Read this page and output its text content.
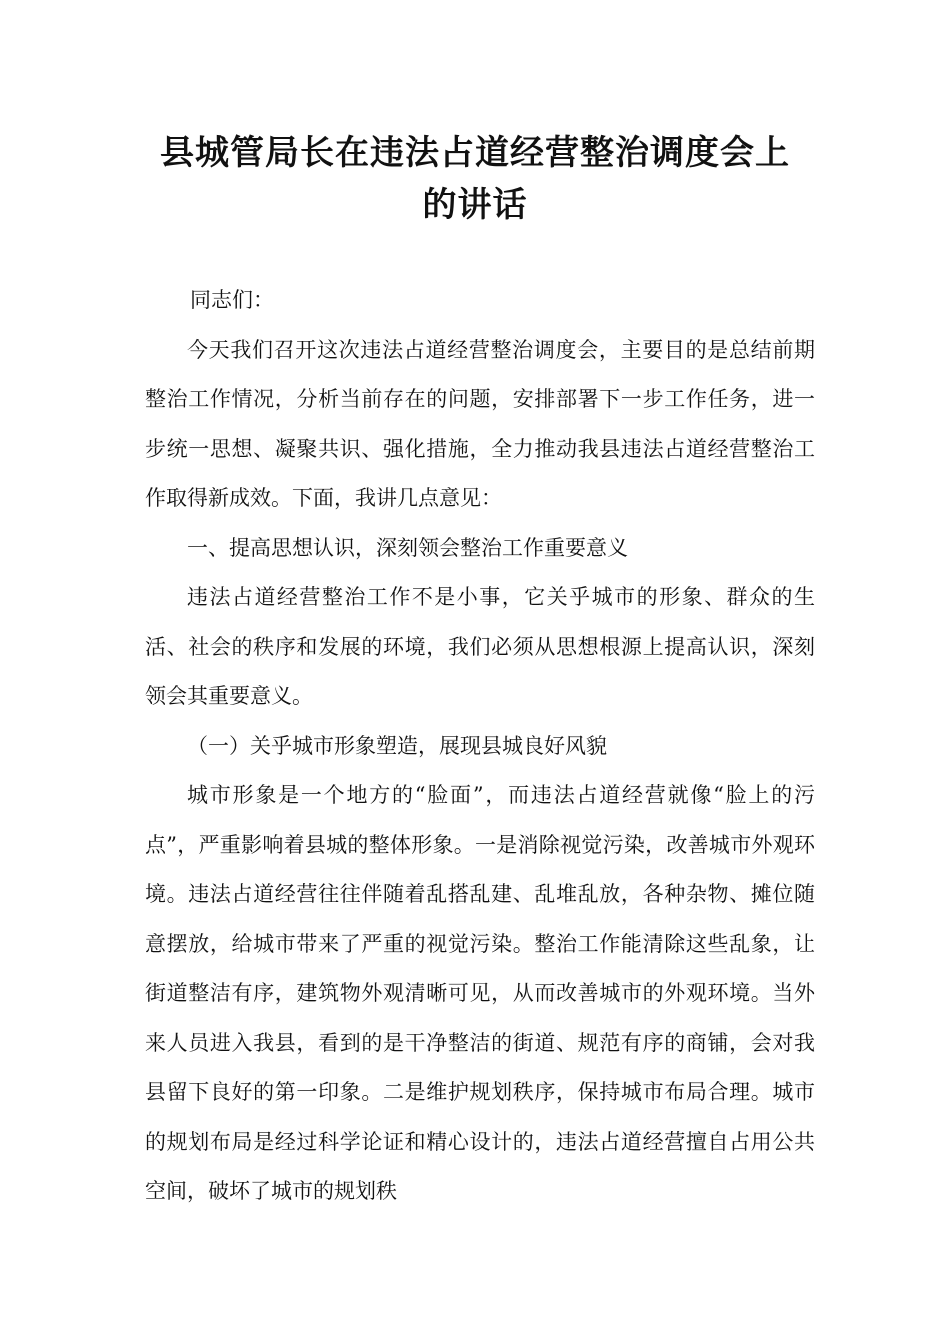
县城管局长在违法占道经营整治调度会上
的讲话

同志们：

今天我们召开这次违法占道经营整治调度会，主要目的是总结前期整治工作情况，分析当前存在的问题，安排部署下一步工作任务，进一步统一思想、凝聚共识、强化措施，全力推动我县违法占道经营整治工作取得新成效。下面，我讲几点意见：

一、提高思想认识，深刻领会整治工作重要意义

违法占道经营整治工作不是小事，它关乎城市的形象、群众的生活、社会的秩序和发展的环境，我们必须从思想根源上提高认识，深刻领会其重要意义。

（一）关乎城市形象塑造，展现县城良好风貌

城市形象是一个地方的“脸面”，而违法占道经营就像“脸上的污点”，严重影响着县城的整体形象。一是消除视觉污染，改善城市外观环境。违法占道经营往往伴随着乱搭乱建、乱堆乱放，各种杂物、摊位随意摆放，给城市带来了严重的视觉污染。整治工作能清除这些乱象，让街道整洁有序，建筑物外观清晰可见，从而改善城市的外观环境。当外来人员进入我县，看到的是干净整洁的街道、规范有序的商铺，会对我县留下良好的第一印象。二是维护规划秩序，保持城市布局合理。城市的规划布局是经过科学论证和精心设计的，违法占道经营擅自占用公共空间，破坏了城市的规划秩
